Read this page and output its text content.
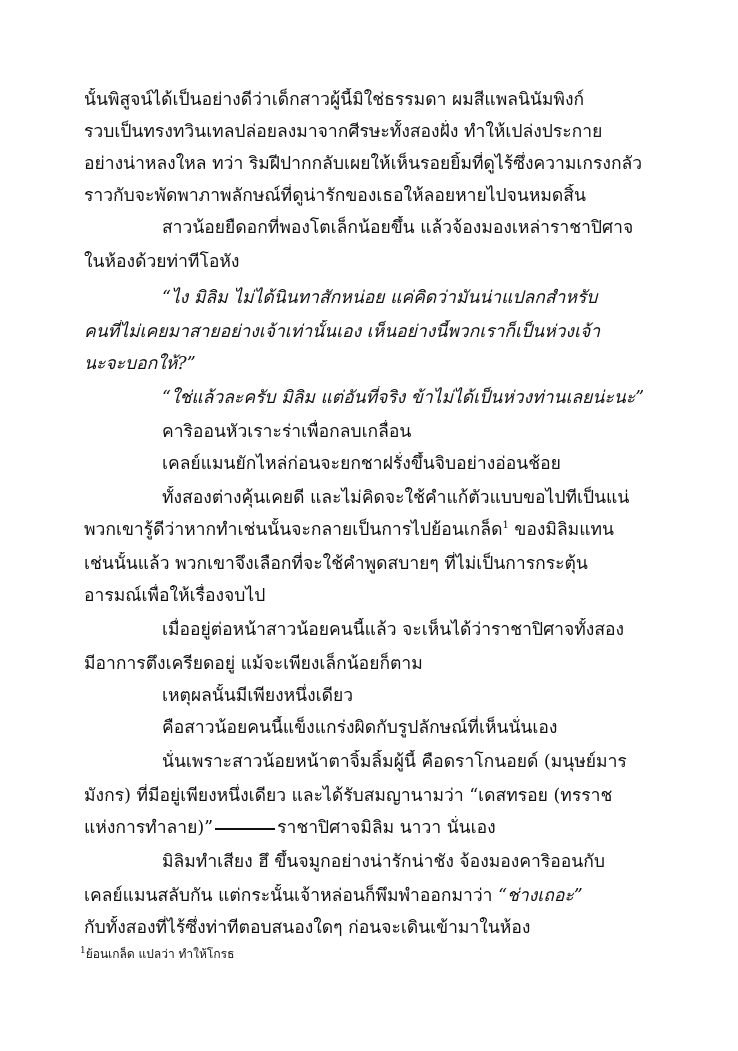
นั้นพิสูจน์ได้เป็นอย่างดีว่าเด็กสาวผู้นี้มิใช่ธรรมดา ผมสีแพลนินัมพิงก์
รวบเป็นทรงทวินเทลปล่อยลงมาจากศีรษะทั้งสองฝั่ง ทำให้เปล่งประกาย
อย่างน่าหลงใหล ทว่า ริมฝีปากกลับเผยให้เห็นรอยยิ้มที่ดูไร้ซึ่งความเกรงกลัว
ราวกับจะพัดพาภาพลักษณ์ที่ดูน่ารักของเธอให้ลอยหายไปจนหมดสิ้น
สาวน้อยยืดอกที่พองโตเล็กน้อยขึ้น แล้วจ้องมองเหล่าราชาปิศาจ
ในห้องด้วยท่าทีโอหัง
“ไง มิลิม ไม่ได้นินทาสักหน่อย แค่คิดว่ามันน่าแปลกสำหรับ
คนที่ไม่เคยมาสายอย่างเจ้าเท่านั้นเอง เห็นอย่างนี้พวกเราก็เป็นห่วงเจ้า
นะจะบอกให้?”
“ใช่แล้วละครับ มิลิม แต่อันที่จริง ข้าไม่ได้เป็นห่วงท่านเลยน่ะนะ”
คาริออนหัวเราะร่าเพื่อกลบเกลื่อน
เคลย์แมนยักไหล่ก่อนจะยกชาฝรั่งขึ้นจิบอย่างอ่อนช้อย
ทั้งสองต่างคุ้นเคยดี และไม่คิดจะใช้คำแก้ตัวแบบขอไปทีเป็นแน่
พวกเขารู้ดีว่าหากทำเช่นนั้นจะกลายเป็นการไปย้อนเกล็ด$^1$ ของมิลิมแทน
เช่นนั้นแล้ว พวกเขาจึงเลือกที่จะใช้คำพูดสบายๆ ที่ไม่เป็นการกระตุ้น
อารมณ์เพื่อให้เรื่องจบไป
เมื่ออยู่ต่อหน้าสาวน้อยคนนี้แล้ว จะเห็นได้ว่าราชาปิศาจทั้งสอง
มีอาการตึงเครียดอยู่ แม้จะเพียงเล็กน้อยก็ตาม
เหตุผลนั้นมีเพียงหนึ่งเดียว
คือสาวน้อยคนนี้แข็งแกร่งผิดกับรูปลักษณ์ที่เห็นนั่นเอง
นั่นเพราะสาวน้อยหน้าตาจิ้มลิ้มผู้นี้ คือดราโกนอยด์ (มนุษย์มาร
มังกร) ที่มีอยู่เพียงหนึ่งเดียว และได้รับสมญานามว่า “เดสทรอย (ทรราช
แห่งการทำลาย)”	ราชาปิศาจมิลิม นาวา นั่นเอง
มิลิมทำเสียง ฮึ ขึ้นจมูกอย่างน่ารักน่าชัง จ้องมองคาริออนกับ
เคลย์แมนสลับกัน แต่กระนั้นเจ้าหล่อนก็พึมพำออกมาว่า “ช่างเถอะ”
กับทั้งสองที่ไร้ซึ่งท่าทีตอบสนองใดๆ ก่อนจะเดินเข้ามาในห้อง
$^1$ย้อนเกล็ด แปลว่า ทำให้โกรธ
